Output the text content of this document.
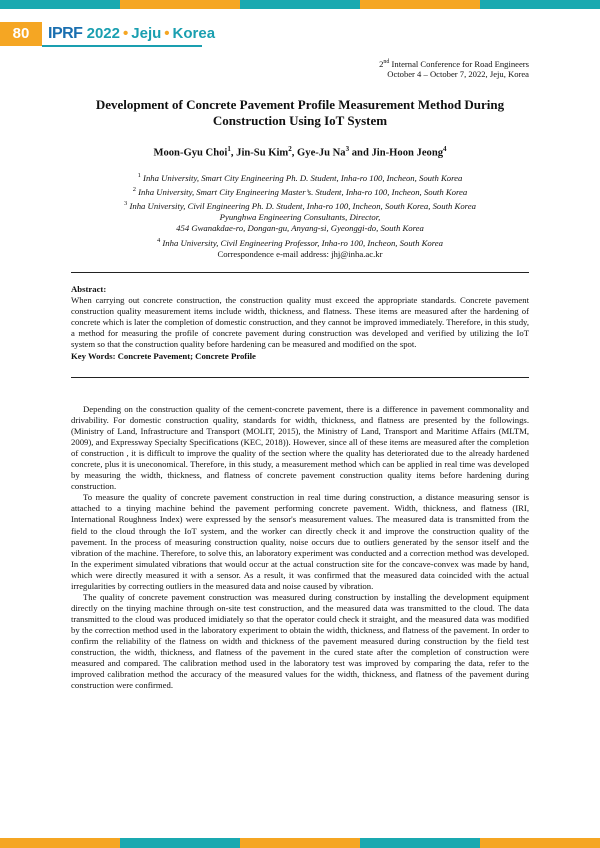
80	IPRF 2022 • Jeju • Korea
2nd Internal Conference for Road Engineers
October 4 – October 7, 2022, Jeju, Korea
Development of Concrete Pavement Profile Measurement Method During
Construction Using IoT System
Moon-Gyu Choi$^1$, Jin-Su Kim$^2$, Gye-Ju Na$^3$ and Jin-Hoon Jeong$^4$
$^1$ Inha University, Smart City Engineering Ph. D. Student, Inha-ro 100, Incheon, South Korea
$^2$ Inha University, Smart City Engineering Master’s. Student, Inha-ro 100, Incheon, South Korea
$^3$ Inha University, Civil Engineering Ph. D. Student, Inha-ro 100, Incheon, South Korea, South Korea
Pyunghwa Engineering Consultants, Director,
454 Gwanakdae-ro, Dongan-gu, Anyang-si, Gyeonggi-do, South Korea
$^4$ Inha University, Civil Engineering Professor, Inha-ro 100, Incheon, South Korea
Correspondence e-mail address: jhj@inha.ac.kr
Abstract:
When carrying out concrete construction, the construction quality must exceed the appropriate standards. Concrete pavement construction quality measurement items include width, thickness, and flatness. These items are measured after the hardening of concrete which is later the completion of domestic construction, and they cannot be improved immediately. Therefore, in this study, a method for measuring the profile of concrete pavement during construction was developed and verified by utilizing the IoT system so that the construction quality before hardening can be measured and modified on the spot.
Key Words: Concrete Pavement; Concrete Profile

Depending on the construction quality of the cement-concrete pavement, there is a difference in pavement commonality and drivability. For domestic construction quality, standards for width, thickness, and flatness are presented by the followings. (Ministry of Land, Infrastructure and Transport (MOLIT, 2015), the Ministry of Land, Transport and Maritime Affairs (MLTM, 2009), and Expressway Specialty Specifications (KEC, 2018)). However, since all of these items are measured after the completion of construction , it is difficult to improve the quality of the section where the quality has deteriorated due to the already hardened concrete, plus it is uneconomical. Therefore, in this study, a measurement method which can be applied in real time was developed by measuring the width, thickness, and flatness of concrete pavement construction quality items before hardening during construction.

To measure the quality of concrete pavement construction in real time during construction, a distance measuring sensor is attached to a tinying machine behind the pavement performing concrete pavement. Width, thickness, and flatness (IRI, International Roughness Index) were expressed by the sensor's measurement values. The measured data is transmitted from the field to the cloud through the IoT system, and the worker can directly check it and improve the construction quality of the pavement. In the process of measuring construction quality, noise occurs due to outliers generated by the sensor itself and the vibration of the machine. Therefore, to solve this, an laboratory experiment was conducted and a correction method was developed. In the experiment simulated vibrations that would occur at the actual construction site for the concave-convex was made by hand, which were directly measured it with a sensor. As a result, it was confirmed that the measured data coincided with the actual irregularities by correcting outliers in the measured data and noise caused by vibration.

The quality of concrete pavement construction was measured during construction by installing the development equipment directly on the tinying machine through on-site test construction, and the measured data was transmitted to the cloud. The data transmitted to the cloud was produced imidiately so that the operator could check it straight, and the measured data was modified by the correction method used in the laboratory experiment to obtain the width, thickness, and flatness of the pavement. In order to confirm the reliability of the flatness on width and thickness of the pavement measured during construction by the field test construction, the width, thickness, and flatness of the pavement in the cured state after the completion of construction were measured and compared. The calibration method used in the laboratory test was improved by comparing the data, refer to the improved calibration method the accuracy of the measured values for the width, thickness, and flatness of the pavement during construction were confirmed.
